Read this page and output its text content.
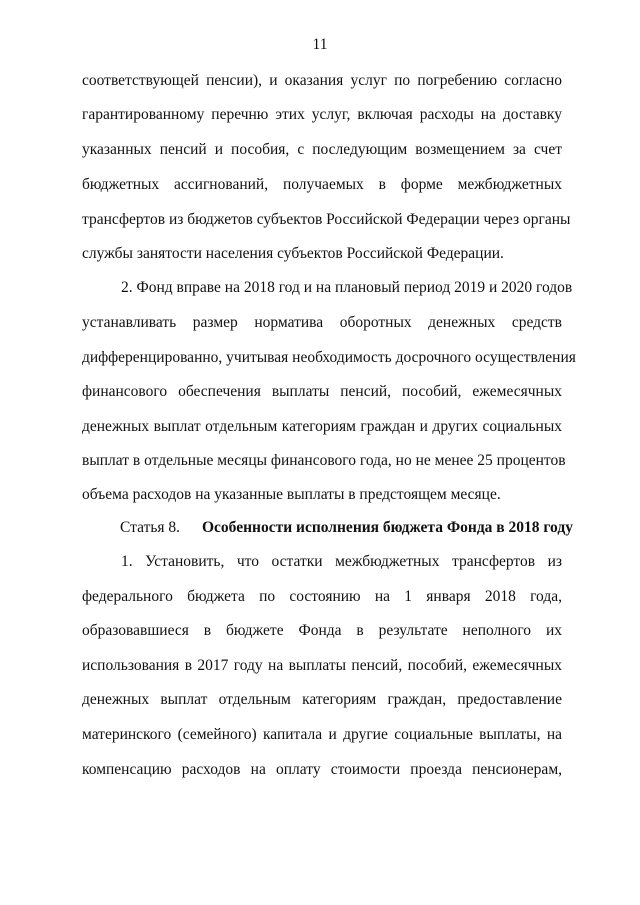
11
соответствующей пенсии), и оказания услуг по погребению согласно
гарантированному перечню этих услуг, включая расходы на доставку
указанных пенсий и пособия, с последующим возмещением за счет
бюджетных ассигнований, получаемых в форме межбюджетных
трансфертов из бюджетов субъектов Российской Федерации через органы
службы занятости населения субъектов Российской Федерации.
2. Фонд вправе на 2018 год и на плановый период 2019 и 2020 годов
устанавливать размер норматива оборотных денежных средств
дифференцированно, учитывая необходимость досрочного осуществления
финансового обеспечения выплаты пенсий, пособий, ежемесячных
денежных выплат отдельным категориям граждан и других социальных
выплат в отдельные месяцы финансового года, но не менее 25 процентов
объема расходов на указанные выплаты в предстоящем месяце.
Статья 8. Особенности исполнения бюджета Фонда в 2018 году
1. Установить, что остатки межбюджетных трансфертов из
федерального бюджета по состоянию на 1 января 2018 года,
образовавшиеся в бюджете Фонда в результате неполного их
использования в 2017 году на выплаты пенсий, пособий, ежемесячных
денежных выплат отдельным категориям граждан, предоставление
материнского (семейного) капитала и другие социальные выплаты, на
компенсацию расходов на оплату стоимости проезда пенсионерам,
